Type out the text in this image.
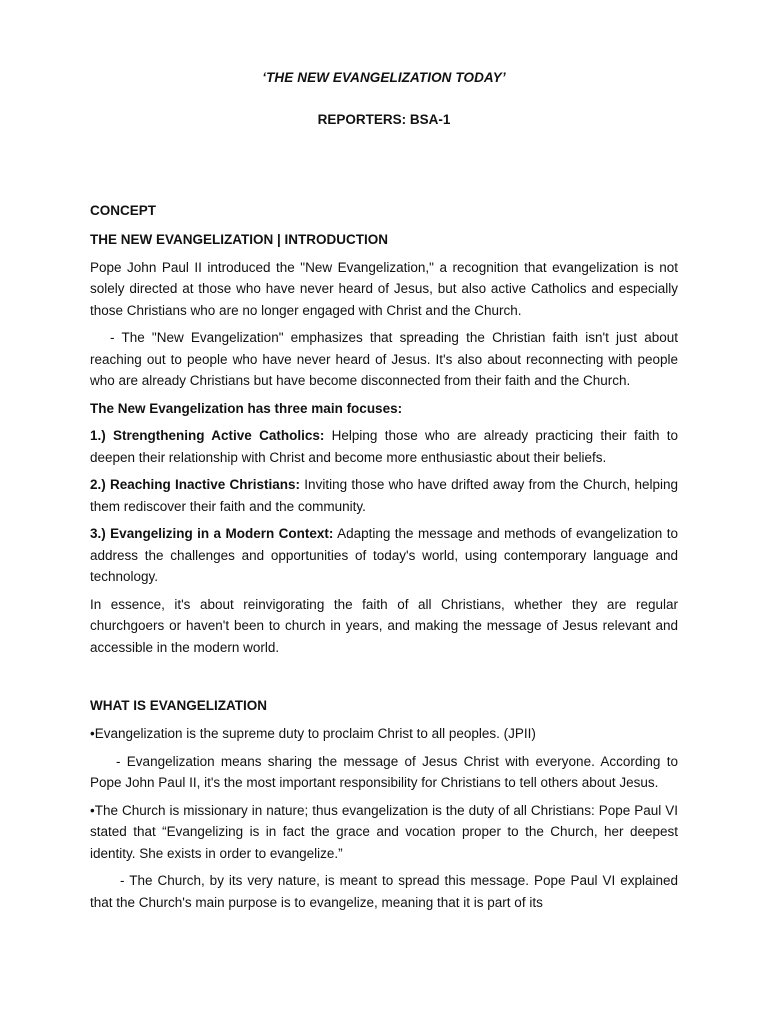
‘THE NEW EVANGELIZATION TODAY’

REPORTERS: BSA-1

CONCEPT
THE NEW EVANGELIZATION | INTRODUCTION

Pope John Paul II introduced the "New Evangelization," a recognition that evangelization is not solely directed at those who have never heard of Jesus, but also active Catholics and especially those Christians who are no longer engaged with Christ and the Church.

- The "New Evangelization" emphasizes that spreading the Christian faith isn't just about reaching out to people who have never heard of Jesus. It's also about reconnecting with people who are already Christians but have become disconnected from their faith and the Church.

The New Evangelization has three main focuses:

1.) Strengthening Active Catholics: Helping those who are already practicing their faith to deepen their relationship with Christ and become more enthusiastic about their beliefs.

2.) Reaching Inactive Christians: Inviting those who have drifted away from the Church, helping them rediscover their faith and the community.

3.) Evangelizing in a Modern Context: Adapting the message and methods of evangelization to address the challenges and opportunities of today's world, using contemporary language and technology.

In essence, it's about reinvigorating the faith of all Christians, whether they are regular churchgoers or haven't been to church in years, and making the message of Jesus relevant and accessible in the modern world.

WHAT IS EVANGELIZATION

•Evangelization is the supreme duty to proclaim Christ to all peoples. (JPII)

- Evangelization means sharing the message of Jesus Christ with everyone. According to Pope John Paul II, it's the most important responsibility for Christians to tell others about Jesus.

•The Church is missionary in nature; thus evangelization is the duty of all Christians: Pope Paul VI stated that “Evangelizing is in fact the grace and vocation proper to the Church, her deepest identity. She exists in order to evangelize.”

- The Church, by its very nature, is meant to spread this message. Pope Paul VI explained that the Church's main purpose is to evangelize, meaning that it is part of its
